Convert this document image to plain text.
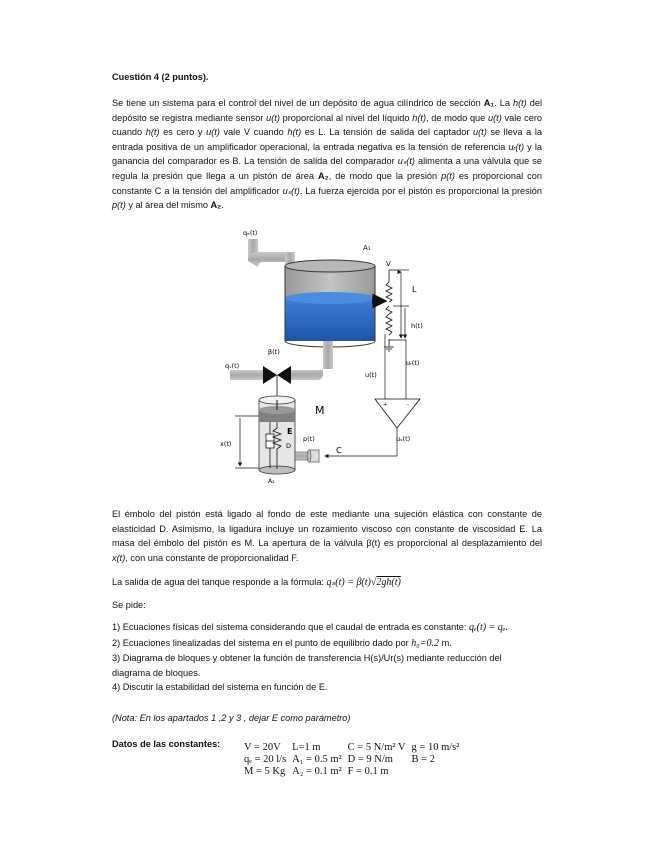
Cuestión 4 (2 puntos).
Se tiene un sistema para el control del nivel de un depósito de agua cilíndrico de sección A₁. La h(t) del depósito se registra mediante sensor u(t) proporcional al nivel del líquido h(t), de modo que u(t) vale cero cuando h(t) es cero y u(t) vale V cuando h(t) es L. La tensión de salida del captador u(t) se lleva a la entrada positiva de un amplificador operacional, la entrada negativa es la tensión de referencia uᵣ(t) y la ganancia del comparador es B. La tensión de salida del comparador uₛ(t) alimenta a una válvula que se regula la presión que llega a un pistón de área A₂, de modo que la presión p(t) es proporcional con constante C a la tensión del amplificador uₛ(t). La fuerza ejercida por el pistón es proporcional la presión p(t) y al área del mismo A₂.
qₑ(t)
A₁
V
L
h(t)
u(t)
uᵣ(t)
+	-
uₛ(t)
C
β(t)
qₛ(t)
E
D
M
A₂
x(t)
p(t)
El émbolo del pistón está ligado al fondo de este mediante una sujeción elástica con constante de elasticidad D. Asimismo, la ligadura incluye un rozamiento viscoso con constante de viscosidad E. La masa del émbolo del pistón es M. La apertura de la válvula β(t) es proporcional al desplazamiento del x(t), con una constante de proporcionalidad F.
La salida de agua del tanque responde a la fórmula: qₛ(t) = β(t)√2gh(t)
Se pide:
1) Ecuaciones físicas del sistema considerando que el caudal de entrada es constante: qₑ(t) = qₑ.
2) Ecuaciones linealizadas del sistema en el punto de equilibrio dado por h₀=0.2 m.
3) Diagrama de bloques y obtener la función de transferencia H(s)/Ur(s) mediante reducción del diagrama de bloques.
4) Discutir la estabilidad del sistema en función de E.
(Nota: En los apartados 1 ,2 y 3 , dejar E como parámetro)
Datos de las constantes: V = 20V	L=1 m	C = 5 N/m² V	g = 10 m/s²
qₑ = 20 l/s	A₁ = 0.5 m²	D = 9 N/m	B = 2
M = 5 Kg	A₂ = 0.1 m²	F = 0.1 m	
